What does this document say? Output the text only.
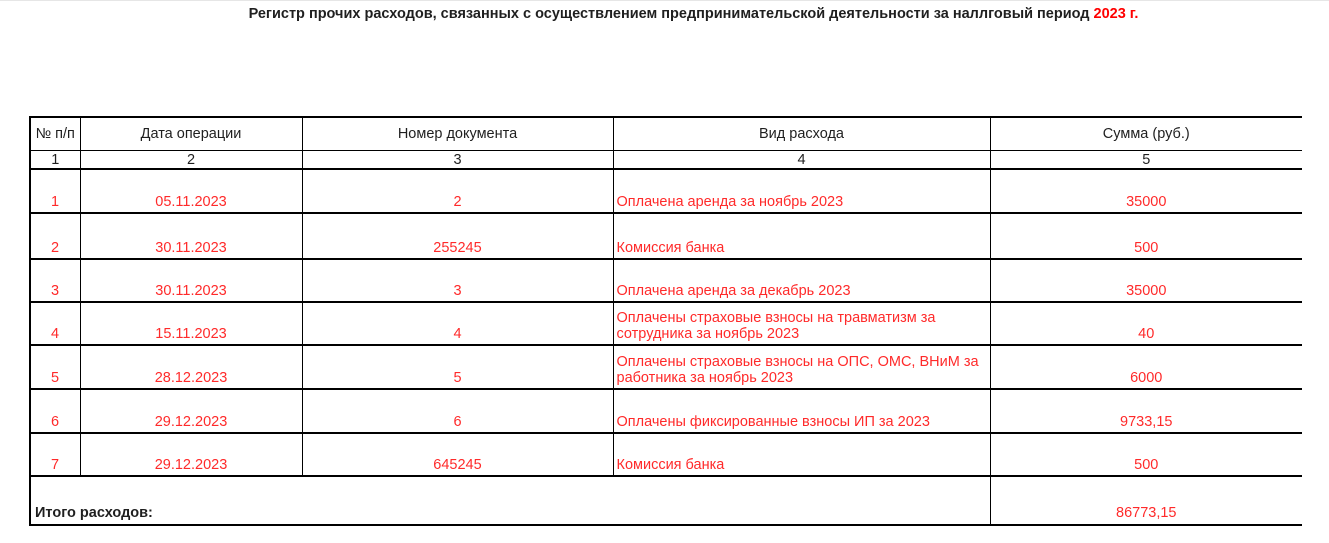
Регистр прочих расходов, связанных с осуществлением предпринимательской деятельности за наллговый период 2023 г.
№ п/п	Дата операции	Номер документа	Вид расхода	Сумма (руб.)
1	2	3	4	5
1	05.11.2023	2	Оплачена аренда за ноябрь 2023	35000
2	30.11.2023	255245	Комиссия банка	500
3	30.11.2023	3	Оплачена аренда за декабрь 2023	35000
4	15.11.2023	4	Оплачены страховые взносы на травматизм за сотрудника за ноябрь 2023	40
5	28.12.2023	5	Оплачены страховые взносы на ОПС, ОМС, ВНиМ за работника за ноябрь 2023	6000
6	29.12.2023	6	Оплачены фиксированные взносы ИП за 2023	9733,15
7	29.12.2023	645245	Комиссия банка	500
Итого расходов:				86773,15
